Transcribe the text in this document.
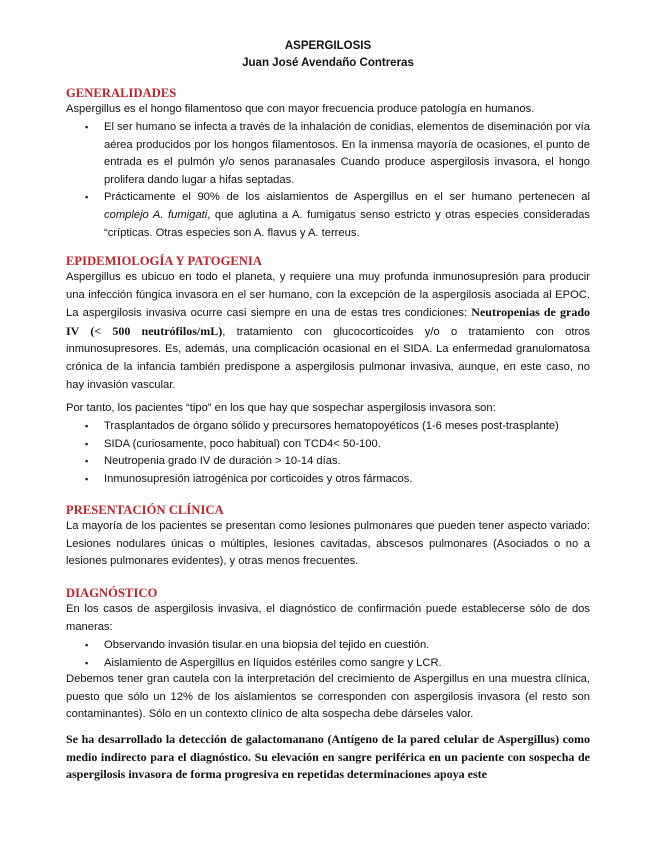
ASPERGILOSIS
Juan José Avendaño Contreras
GENERALIDADES
Aspergillus es el hongo filamentoso que con mayor frecuencia produce patología en humanos.
▪ El ser humano se infecta a través de la inhalación de conidias, elementos de diseminación por vía aérea producidos por los hongos filamentosos. En la inmensa mayoría de ocasiones, el punto de entrada es el pulmón y/o senos paranasales Cuando produce aspergilosis invasora, el hongo prolifera dando lugar a hifas septadas.
▪ Prácticamente el 90% de los aislamientos de Aspergillus en el ser humano pertenecen al complejo A. fumigati, que aglutina a A. fumigatus senso estricto y otras especies consideradas “crípticas. Otras especies son A. flavus y A. terreus.
EPIDEMIOLOGÍA Y PATOGENIA
Aspergillus es ubicuo en todo el planeta, y requiere una muy profunda inmunosupresión para producir una infección fúngica invasora en el ser humano, con la excepción de la aspergilosis asociada al EPOC. La aspergilosis invasiva ocurre casi siempre en una de estas tres condiciones: Neutropenias de grado IV (< 500 neutrófilos/mL), tratamiento con glucocorticoides y/o o tratamiento con otros inmunosupresores. Es, además, una complicación ocasional en el SIDA. La enfermedad granulomatosa crónica de la infancia también predispone a aspergilosis pulmonar invasiva, aunque, en este caso, no hay invasión vascular.
Por tanto, los pacientes “tipo” en los que hay que sospechar aspergilosis invasora son:
▪ Trasplantados de órgano sólido y precursores hematopoyéticos (1-6 meses post-trasplante)
▪ SIDA (curiosamente, poco habitual) con TCD4< 50-100.
▪ Neutropenia grado IV de duración > 10-14 días.
▪ Inmunosupresión iatrogénica por corticoides y otros fármacos.
PRESENTACIÓN CLÍNICA
La mayoría de los pacientes se presentan como lesiones pulmonares que pueden tener aspecto variado: Lesiones nodulares únicas o múltiples, lesiones cavitadas, abscesos pulmonares (Asociados o no a lesiones pulmonares evidentes), y otras menos frecuentes.
DIAGNÓSTICO
En los casos de aspergilosis invasiva, el diagnóstico de confirmación puede establecerse sólo de dos maneras:
▪ Observando invasión tisular en una biopsia del tejido en cuestión.
▪ Aislamiento de Aspergillus en líquidos estériles como sangre y LCR.
Debemos tener gran cautela con la interpretación del crecimiento de Aspergillus en una muestra clínica, puesto que sólo un 12% de los aislamientos se corresponden con aspergilosis invasora (el resto son contaminantes). Sólo en un contexto clínico de alta sospecha debe dárseles valor.
Se ha desarrollado la detección de galactomanano (Antígeno de la pared celular de Aspergillus) como medio indirecto para el diagnóstico. Su elevación en sangre periférica en un paciente con sospecha de aspergilosis invasora de forma progresiva en repetidas determinaciones apoya este
